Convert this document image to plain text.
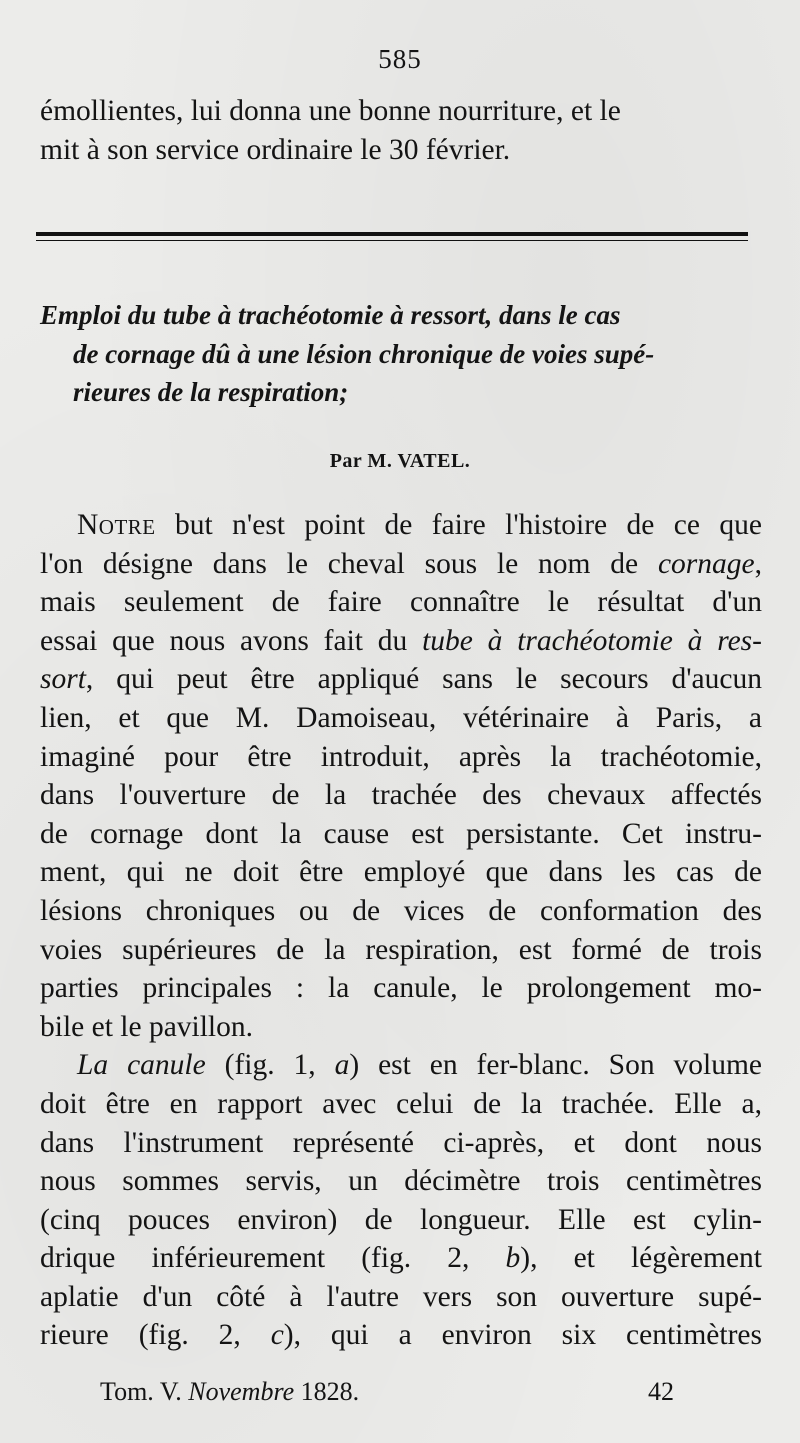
585
émollientes, lui donna une bonne nourriture, et le
mit à son service ordinaire le 30 février.
Emploi du tube à trachéotomie à ressort, dans le cas
de cornage dû à une lésion chronique de voies supé-
rieures de la respiration;
Par M. VATEL.
Notre but n'est point de faire l'histoire de ce que
l'on désigne dans le cheval sous le nom de cornage,
mais seulement de faire connaître le résultat d'un
essai que nous avons fait du tube à trachéotomie à res-
sort, qui peut être appliqué sans le secours d'aucun
lien, et que M. Damoiseau, vétérinaire à Paris, a
imaginé pour être introduit, après la trachéotomie,
dans l'ouverture de la trachée des chevaux affectés
de cornage dont la cause est persistante. Cet instru-
ment, qui ne doit être employé que dans les cas de
lésions chroniques ou de vices de conformation des
voies supérieures de la respiration, est formé de trois
parties principales : la canule, le prolongement mo-
bile et le pavillon.
La canule (fig. 1, a) est en fer-blanc. Son volume
doit être en rapport avec celui de la trachée. Elle a,
dans l'instrument représenté ci-après, et dont nous
nous sommes servis, un décimètre trois centimètres
(cinq pouces environ) de longueur. Elle est cylin-
drique inférieurement (fig. 2, b), et légèrement
aplatie d'un côté à l'autre vers son ouverture supé-
rieure (fig. 2, c), qui a environ six centimètres
Tom. V. Novembre 1828.	42
